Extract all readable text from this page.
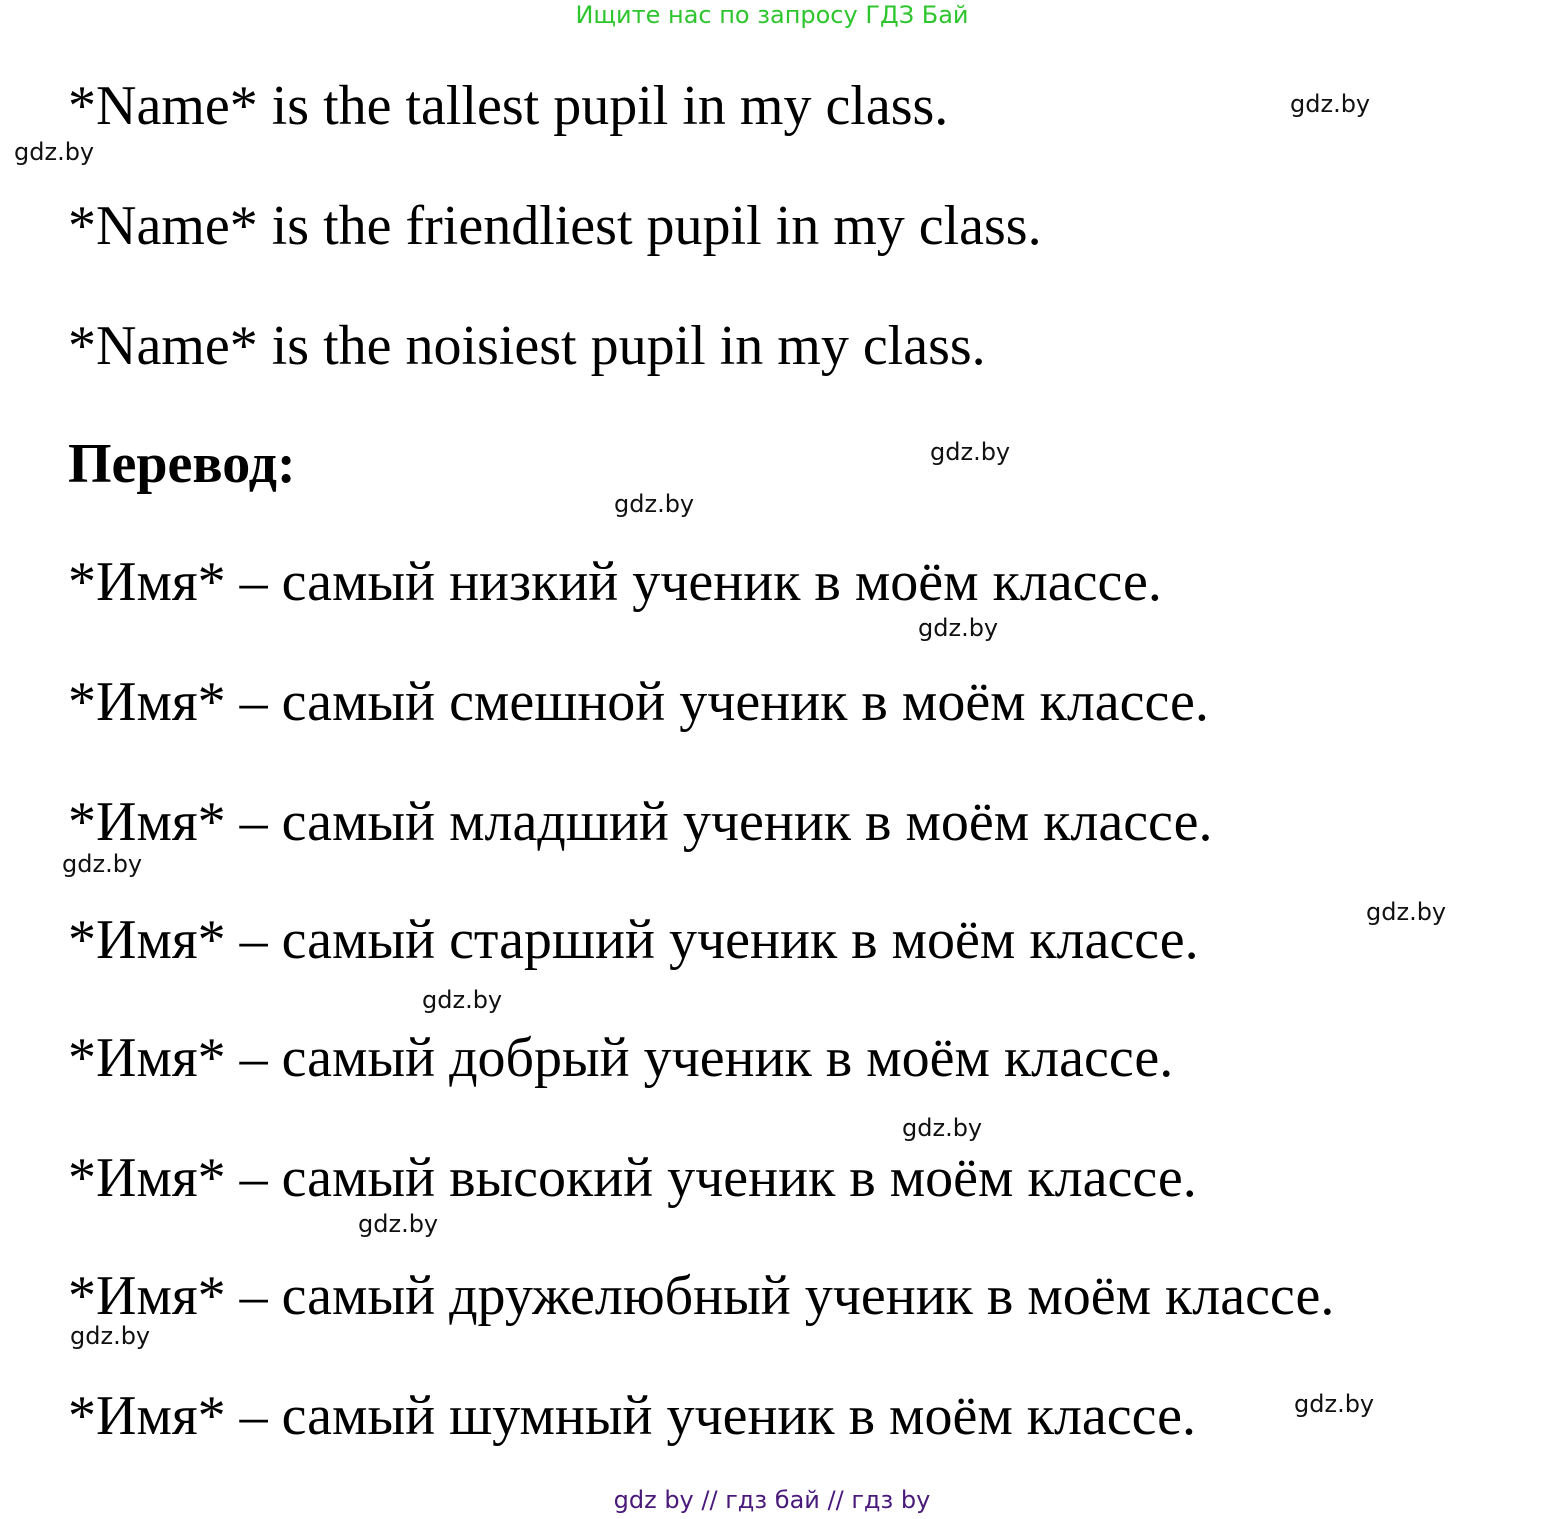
Ищите нас по запросу ГДЗ Бай
*Name* is the tallest pupil in my class.
*Name* is the friendliest pupil in my class.
*Name* is the noisiest pupil in my class.
Перевод:
*Имя* – самый низкий ученик в моём классе.
*Имя* – самый смешной ученик в моём классе.
*Имя* – самый младший ученик в моём классе.
*Имя* – самый старший ученик в моём классе.
*Имя* – самый добрый ученик в моём классе.
*Имя* – самый высокий ученик в моём классе.
*Имя* – самый дружелюбный ученик в моём классе.
*Имя* – самый шумный ученик в моём классе.
gdz.by
gdz.by
gdz.by
gdz.by
gdz.by
gdz.by
gdz.by
gdz.by
gdz.by
gdz.by
gdz.by
gdz.by
gdz by // гдз бай // гдз by
